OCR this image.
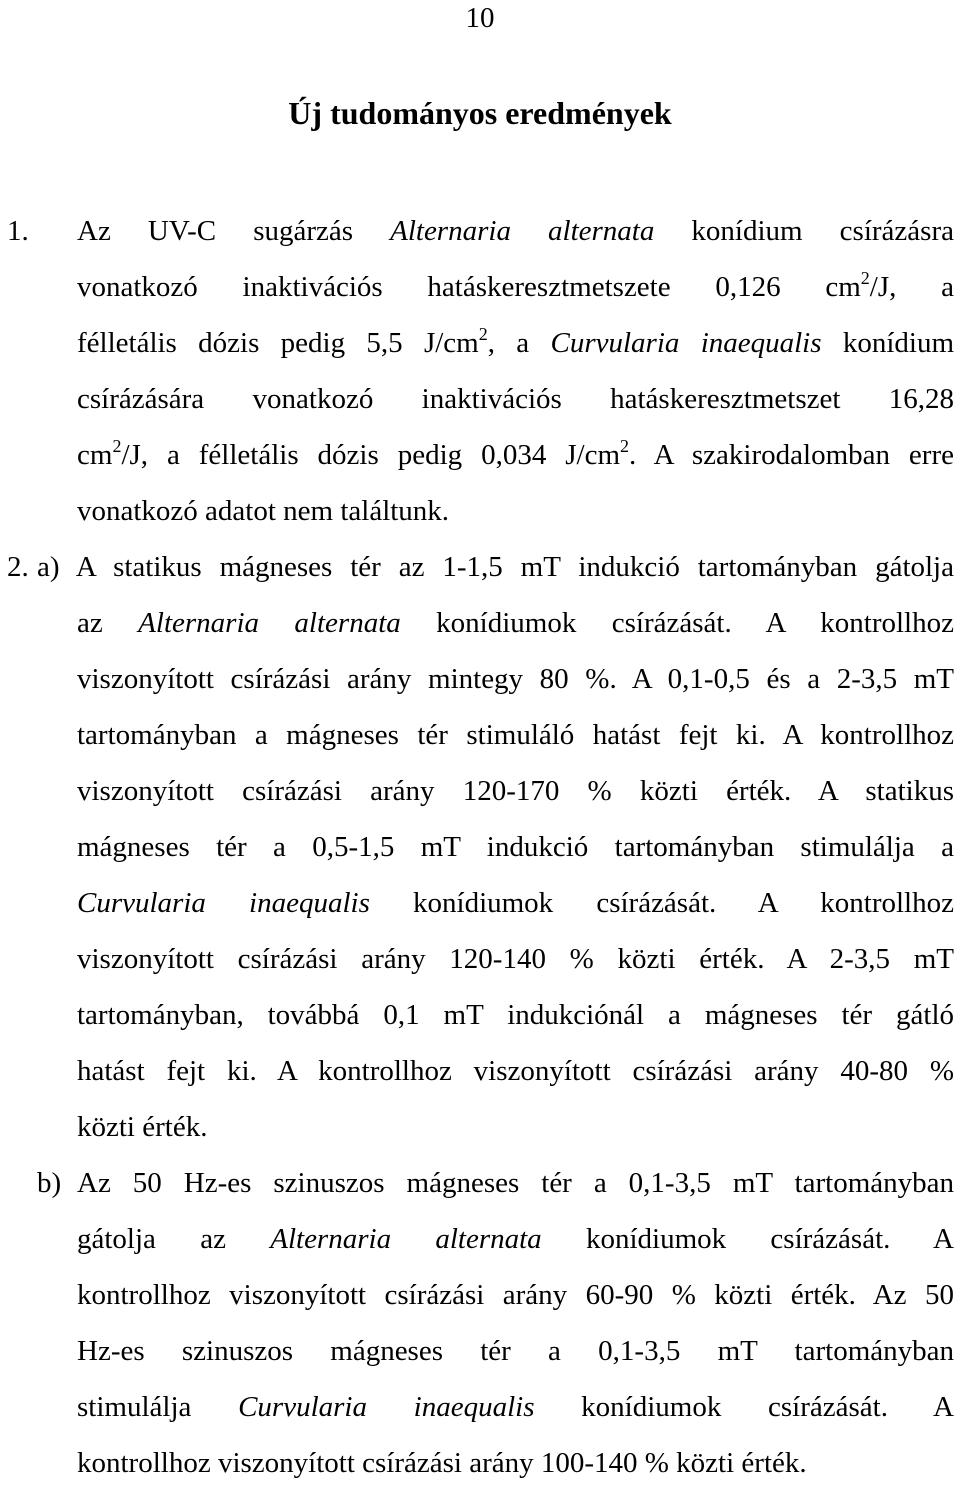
10
Új tudományos eredmények
1. Az UV-C sugárzás Alternaria alternata konídium csírázásra
vonatkozó inaktivációs hatáskeresztmetszete 0,126 $cm^2/J$, a
félletális dózis pedig 5,5 $J/cm^2$, a Curvularia inaequalis konídium
csírázására vonatkozó inaktivációs hatáskeresztmetszet 16,28
$cm^2/J$, a félletális dózis pedig 0,034 $J/cm^2$. A szakirodalomban erre
vonatkozó adatot nem találtunk.
2. a) A statikus mágneses tér az 1-1,5 mT indukció tartományban gátolja
az Alternaria alternata konídiumok csírázását. A kontrollhoz
viszonyított csírázási arány mintegy 80 %. A 0,1-0,5 és a 2-3,5 mT
tartományban a mágneses tér stimuláló hatást fejt ki. A kontrollhoz
viszonyított csírázási arány 120-170 % közti érték. A statikus
mágneses tér a 0,5-1,5 mT indukció tartományban stimulálja a
Curvularia inaequalis konídiumok csírázását. A kontrollhoz
viszonyított csírázási arány 120-140 % közti érték. A 2-3,5 mT
tartományban, továbbá 0,1 mT indukciónál a mágneses tér gátló
hatást fejt ki. A kontrollhoz viszonyított csírázási arány 40-80 %
közti érték.
b) Az 50 Hz-es szinuszos mágneses tér a 0,1-3,5 mT tartományban
gátolja az Alternaria alternata konídiumok csírázását. A
kontrollhoz viszonyított csírázási arány 60-90 % közti érték. Az 50
Hz-es szinuszos mágneses tér a 0,1-3,5 mT tartományban
stimulálja Curvularia inaequalis konídiumok csírázását. A
kontrollhoz viszonyított csírázási arány 100-140 % közti érték.
